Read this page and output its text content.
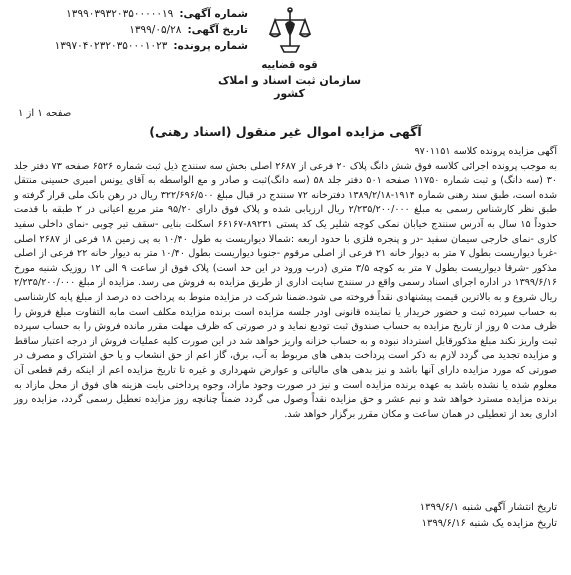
شماره آگهی:
۱۳۹۹۰۳۹۳۲۰۳۵۰۰۰۰۰۱۹
تاریخ آگهی:
۱۳۹۹/۰۵/۲۸
شماره پرونده:
۱۳۹۷۰۴۰۲۳۲۰۳۵۰۰۰۱۰۲۳
صفحه ۱ از ۱
قوه قضاییه
سازمان ثبت اسناد و املاک کشور
آگهی مزایده اموال غیر منقول (اسناد رهنی)

آگهی مزایده پرونده کلاسه ۹۷۰۱۱۵۱

به موجب پرونده اجرائی کلاسه فوق شش دانگ پلاک ۲۰ فرعی از ۲۶۸۷ اصلی بخش سه سنندج ذیل ثبت شماره ۶۵۲۶ صفحه ۷۳ دفتر جلد ۳۰ (سه دانگ) و ثبت شماره ۱۱۷۵۰ صفحه ۵۰۱ دفتر جلد ۵۸ (سه دانگ)ثبت و صادر و مع الواسطه به آقای یونس امیری حسینی منتقل شده است، طبق سند رهنی شماره ۱۹۱۴-۱۳۸۹/۲/۱۸ دفترخانه ۷۲ سنندج در قبال مبلغ ۳۲۲/۶۹۶/۵۰۰ ریال در رهن بانک ملی قرار گرفته و طبق نظر کارشناس رسمی به مبلغ ۲/۲۳۵/۲۰۰/۰۰۰ ریال ارزیابی شده و پلاک فوق دارای ۹۵/۲۰ متر مربع اعیانی در ۲ طبقه با قدمت حدوداً ۱۵ سال به آدرس سنندج خیابان نمکی کوچه شلیر یک کد پستی ۸۹۲۳۱-۶۶۱۶۷ اسکلت بنایی -سقف تیر چوبی -نمای داخلی سفید کاری -نمای خارجی سیمان سفید -در و پنجره فلزی با حدود اربعه :شمالا دیواریست به طول ۱۰/۴۰ به پی زمین ۱۸ فرعی از ۲۶۸۷ اصلی -غربا دیواریست بطول ۷ متر به دیوار خانه ۲۱ فرعی از اصلی مرقوم -جنوبا دیواریست بطول ۱۰/۴۰ متر به دیوار خانه ۲۲ فرعی از اصلی مذکور -شرقا دیواریست بطول ۷ متر به کوچه ۳/۵ متری (درب ورود در این حد است) پلاک فوق از ساعت ۹ الی ۱۲ روزیک شنبه مورخ ۱۳۹۹/۶/۱۶ در اداره اجرای اسناد رسمی واقع در سنندج سایت اداری از طریق مزایده به فروش می رسد. مزایده از مبلغ ۲/۲۳۵/۲۰۰/۰۰۰ ریال شروع و به بالاترین قیمت پیشنهادی نقداً فروخته می شود.ضمنا شرکت در مزایده منوط به پرداخت ده درصد از مبلغ پایه کارشناسی به حساب سپرده ثبت و حضور خریدار یا نماینده قانونی اودر جلسه مزایده است برنده مزایده مکلف است مابه التفاوت مبلغ فروش را ظرف مدت ۵ روز از تاریخ مزایده به حساب صندوق ثبت تودیع نماید و در صورتی که ظرف مهلت مقرر مانده فروش را به حساب سپرده ثبت واریز نکند مبلغ مذکورقابل استرداد نبوده و به حساب خزانه واریز خواهد شد در این صورت کلیه عملیات فروش از درجه اعتبار ساقط و مزایده تجدید می گردد لازم به ذکر است پرداخت بدهی های مربوط به آب، برق، گاز اعم از حق انشعاب و یا حق اشتراک و مصرف در صورتی که مورد مزایده دارای آنها باشد و نیز بدهی های مالیاتی و عوارض شهرداری و غیره تا تاریخ مزایده اعم از اینکه رقم قطعی آن معلوم شده یا نشده باشد به عهده برنده مزایده است و نیز در صورت وجود مازاد، وجوه پرداختی بابت هزینه های فوق از محل مازاد به برنده مزایده مسترد خواهد شد و نیم عشر و حق مزایده نقداً وصول می گردد ضمناً چنانچه روز مزایده تعطیل رسمی گردد، مزایده روز اداری بعد از تعطیلی در همان ساعت و مکان مقرر برگزار خواهد شد.

تاریخ انتشار آگهی شنبه ۱۳۹۹/۶/۱
تاریخ مزایده یک شنبه ۱۳۹۹/۶/۱۶
